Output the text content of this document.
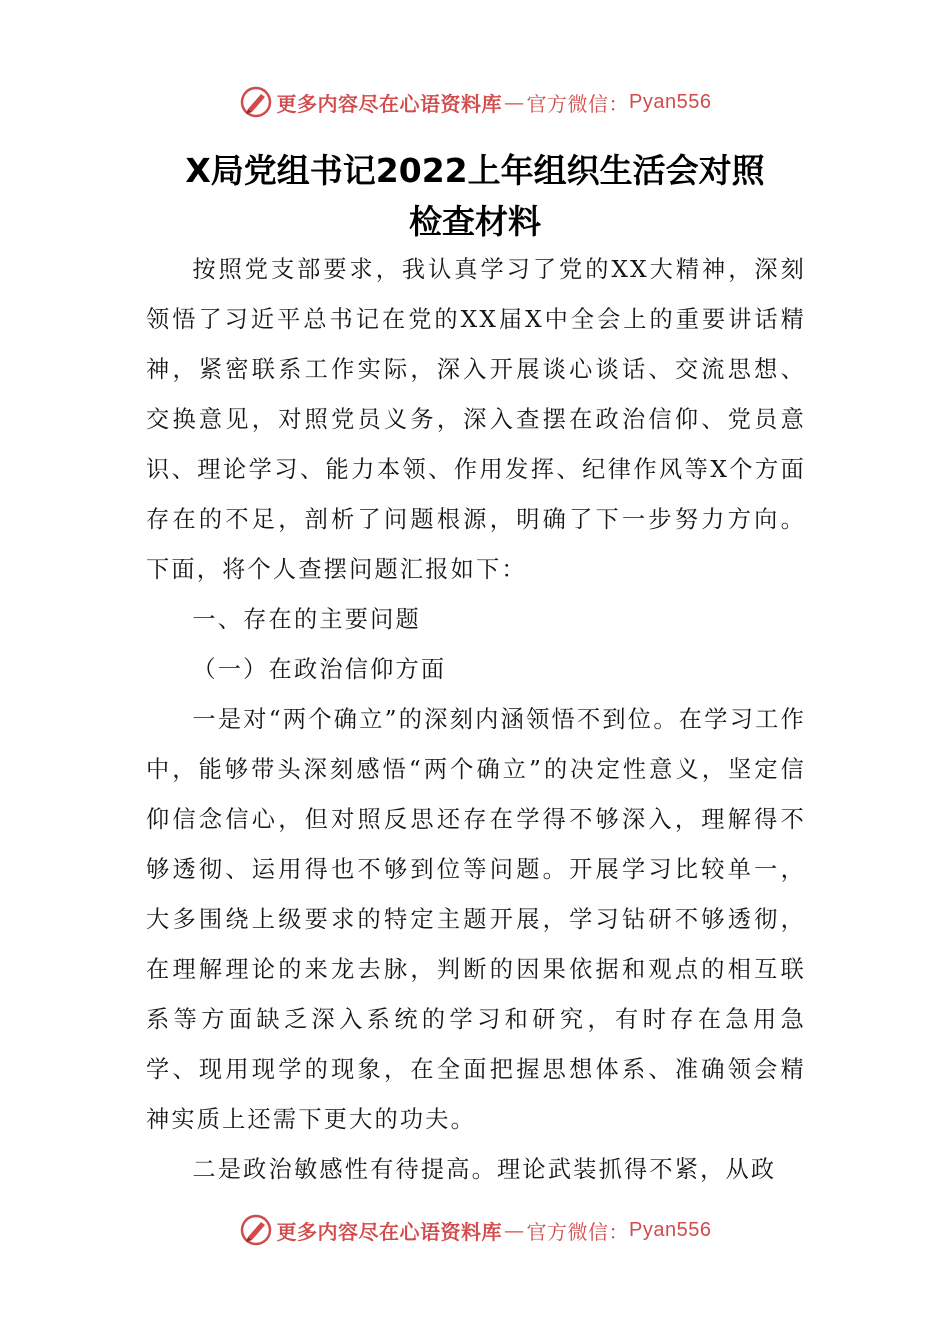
更多内容尽在心语资料库 — 官方微信： Pyan556
X局党组书记2022上年组织生活会对照
检查材料

按照党支部要求，我认真学习了党的XX大精神，深刻领悟了习近平总书记在党的XX届X中全会上的重要讲话精神，紧密联系工作实际，深入开展谈心谈话、交流思想、交换意见，对照党员义务，深入查摆在政治信仰、党员意识、理论学习、能力本领、作用发挥、纪律作风等X个方面存在的不足，剖析了问题根源，明确了下一步努力方向。下面，将个人查摆问题汇报如下：

一、存在的主要问题

（一）在政治信仰方面

一是对“两个确立”的深刻内涵领悟不到位。在学习工作中，能够带头深刻感悟“两个确立”的决定性意义，坚定信仰信念信心，但对照反思还存在学得不够深入，理解得不够透彻、运用得也不够到位等问题。开展学习比较单一，大多围绕上级要求的特定主题开展，学习钻研不够透彻，在理解理论的来龙去脉，判断的因果依据和观点的相互联系等方面缺乏深入系统的学习和研究，有时存在急用急学、现用现学的现象，在全面把握思想体系、准确领会精神实质上还需下更大的功夫。

二是政治敏感性有待提高。理论武装抓得不紧，从政

更多内容尽在心语资料库 — 官方微信： Pyan556
